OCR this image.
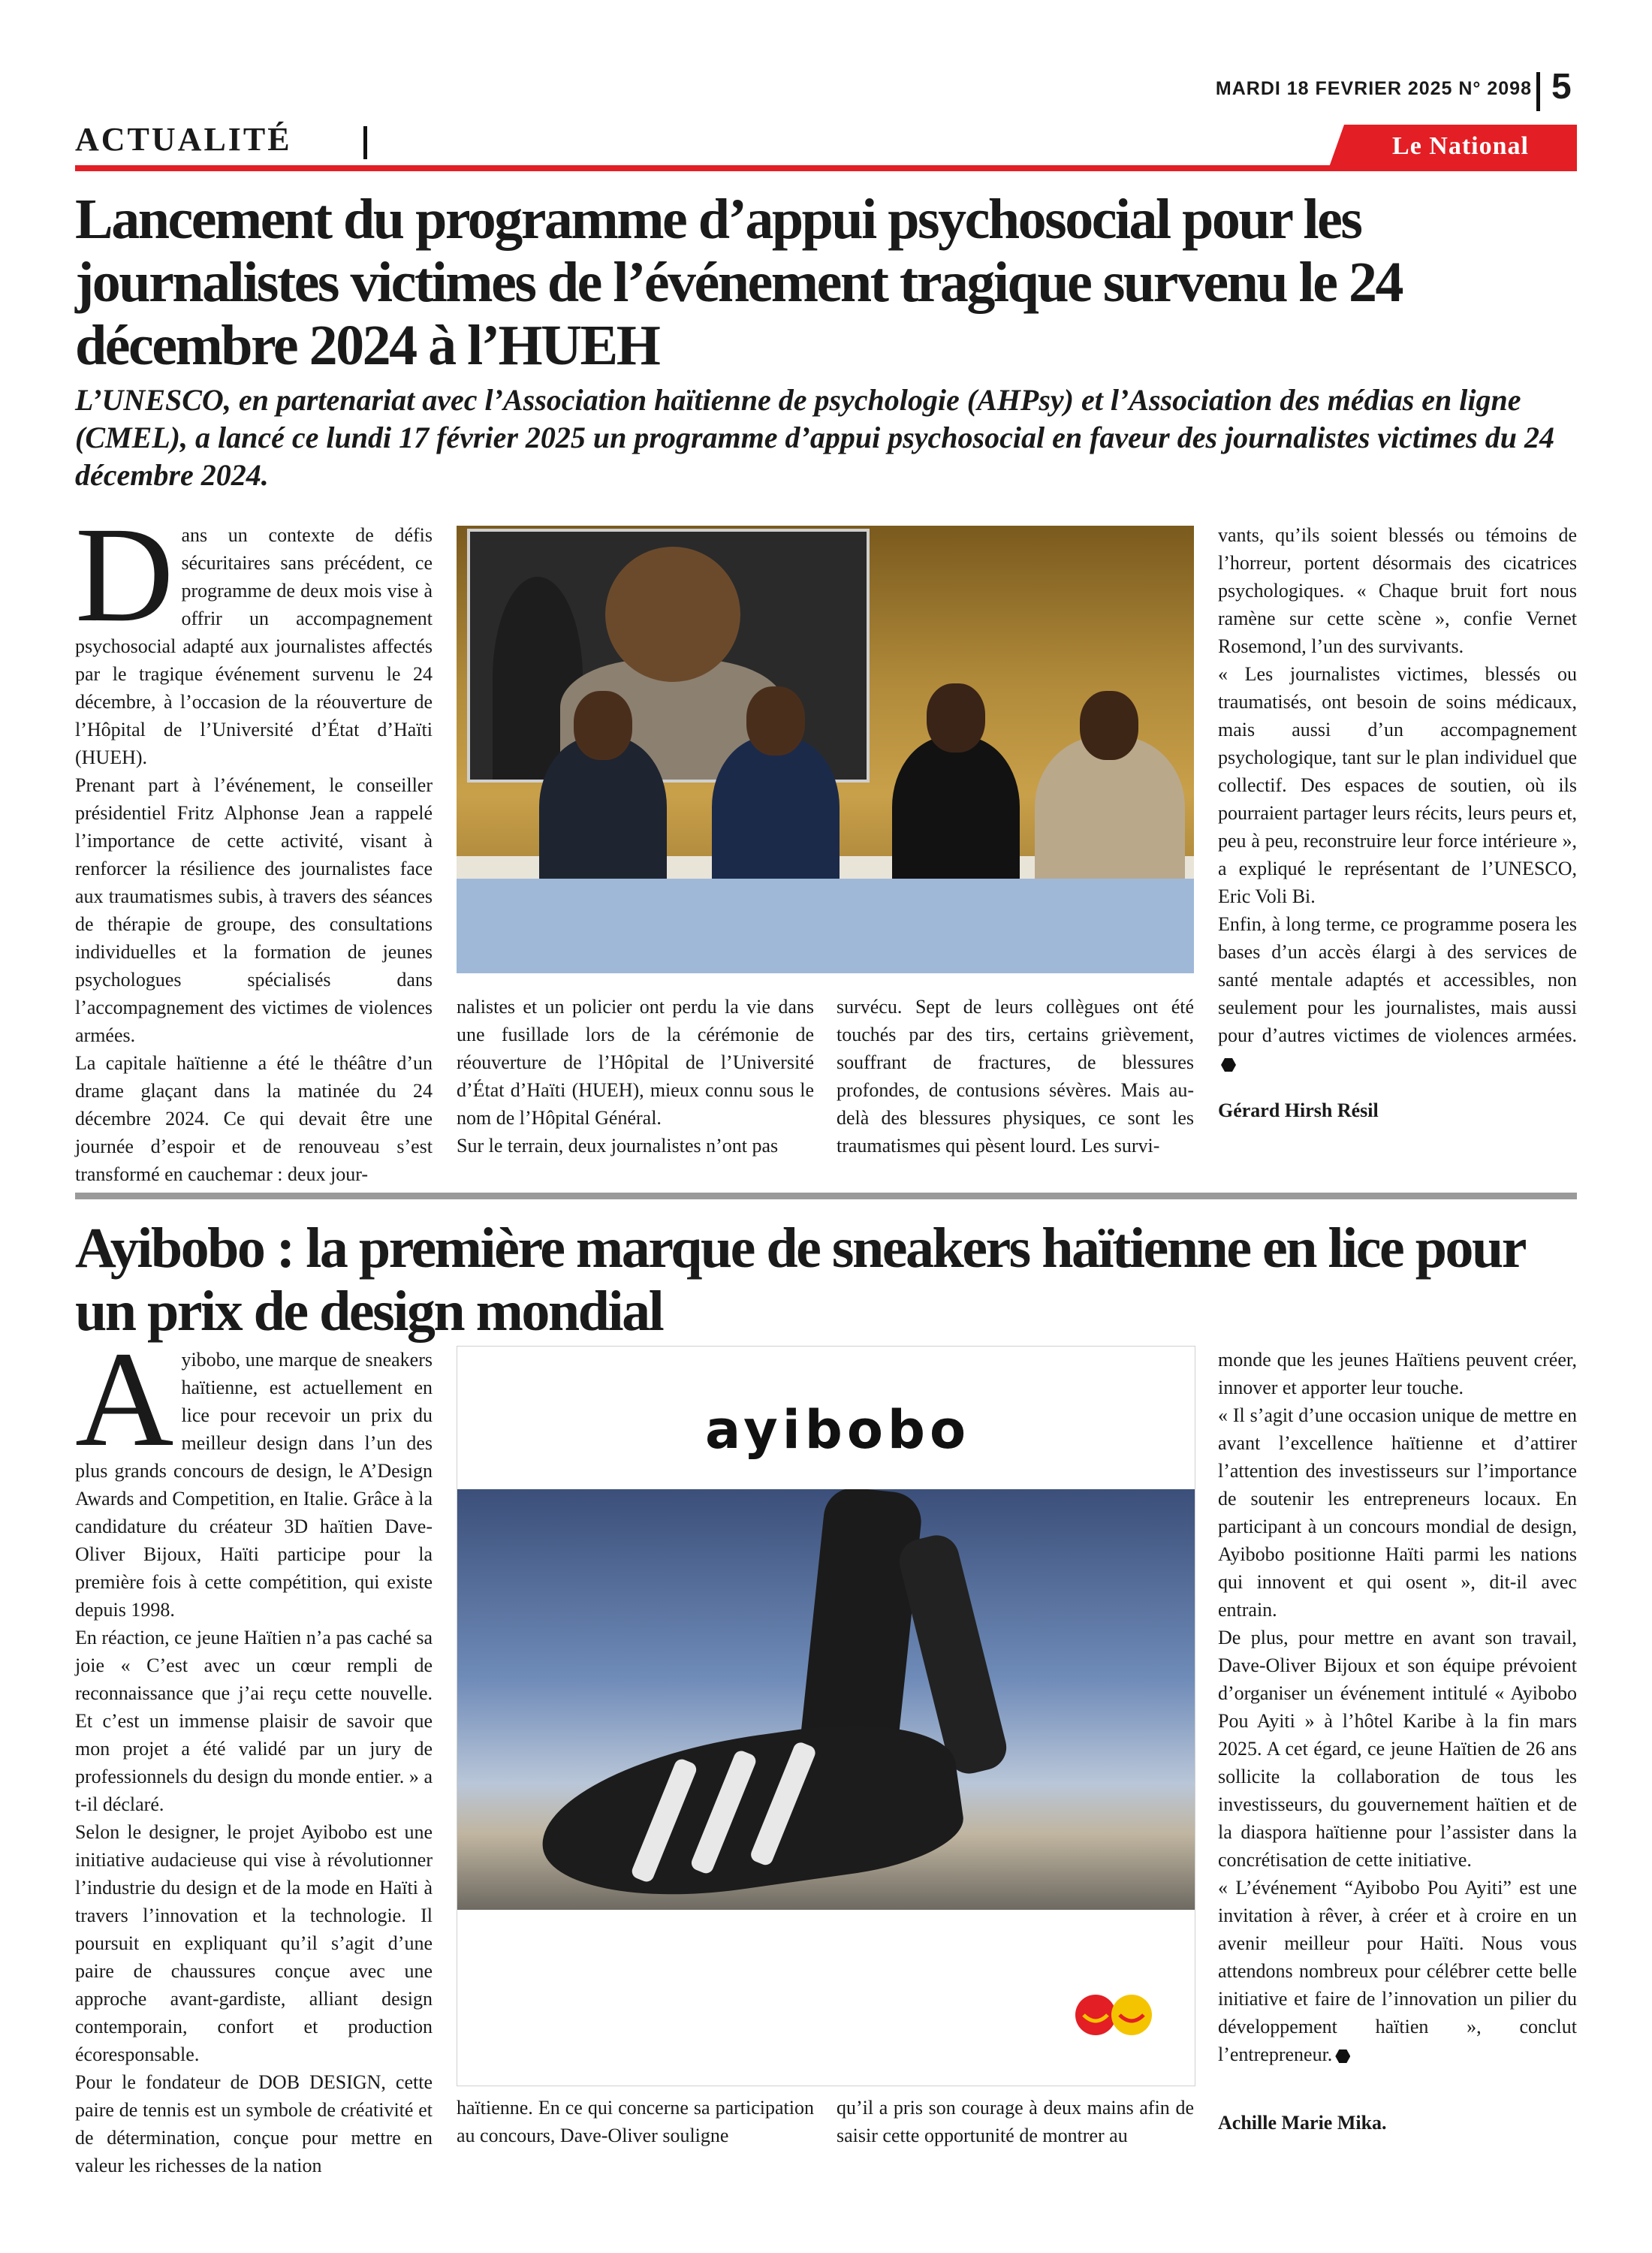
MARDI 18 FEVRIER 2025 N° 2098 5
ACTUALITÉ	Le National
Lancement du programme d’appui psychosocial pour les journalistes victimes de l’événement tragique survenu le 24 décembre 2024 à l’HUEH

L’UNESCO, en partenariat avec l’Association haïtienne de psychologie (AHPsy) et l’Association des médias en ligne (CMEL), a lancé ce lundi 17 février 2025 un programme d’appui psychosocial en faveur des journalistes victimes du 24 décembre 2024.

Dans un contexte de défis sécuritaires sans précédent, ce programme de deux mois vise à offrir un accompagnement psychosocial adapté aux journalistes affectés par le tragique événement survenu le 24 décembre, à l’occasion de la réouverture de l’Hôpital de l’Université d’État d’Haïti (HUEH).

Prenant part à l’événement, le conseiller présidentiel Fritz Alphonse Jean a rappelé l’importance de cette activité, visant à renforcer la résilience des journalistes face aux traumatismes subis, à travers des séances de thérapie de groupe, des consultations individuelles et la formation de jeunes psychologues spécialisés dans l’accompagnement des victimes de violences armées.

La capitale haïtienne a été le théâtre d’un drame glaçant dans la matinée du 24 décembre 2024. Ce qui devait être une journée d’espoir et de renouveau s’est transformé en cauchemar : deux jour-

nalistes et un policier ont perdu la vie dans une fusillade lors de la cérémonie de réouverture de l’Hôpital de l’Université d’État d’Haïti (HUEH), mieux connu sous le nom de l’Hôpital Général.

Sur le terrain, deux journalistes n’ont pas

survécu. Sept de leurs collègues ont été touchés par des tirs, certains grièvement, souffrant de fractures, de blessures profondes, de contusions sévères. Mais au-delà des blessures physiques, ce sont les traumatismes qui pèsent lourd. Les survi-

vants, qu’ils soient blessés ou témoins de l’horreur, portent désormais des cicatrices psychologiques. « Chaque bruit fort nous ramène sur cette scène », confie Vernet Rosemond, l’un des survivants.

« Les journalistes victimes, blessés ou traumatisés, ont besoin de soins médicaux, mais aussi d’un accompagnement psychologique, tant sur le plan individuel que collectif. Des espaces de soutien, où ils pourraient partager leurs récits, leurs peurs et, peu à peu, reconstruire leur force intérieure », a expliqué le représentant de l’UNESCO, Eric Voli Bi.

Enfin, à long terme, ce programme posera les bases d’un accès élargi à des services de santé mentale adaptés et accessibles, non seulement pour les journalistes, mais aussi pour d’autres victimes de violences armées.

Gérard Hirsh Résil
Ayibobo : la première marque de sneakers haïtienne en lice pour un prix de design mondial

Ayibobo, une marque de sneakers haïtienne, est actuellement en lice pour recevoir un prix du meilleur design dans l’un des plus grands concours de design, le A’Design Awards and Competition, en Italie. Grâce à la candidature du créateur 3D haïtien Dave-Oliver Bijoux, Haïti participe pour la première fois à cette compétition, qui existe depuis 1998.

En réaction, ce jeune Haïtien n’a pas caché sa joie « C’est avec un cœur rempli de reconnaissance que j’ai reçu cette nouvelle. Et c’est un immense plaisir de savoir que mon projet a été validé par un jury de professionnels du design du monde entier. » a t-il déclaré.

Selon le designer, le projet Ayibobo est une initiative audacieuse qui vise à révolutionner l’industrie du design et de la mode en Haïti à travers l’innovation et la technologie. Il poursuit en expliquant qu’il s’agit d’une paire de chaussures conçue avec une approche avant-gardiste, alliant design contemporain, confort et production écoresponsable.

Pour le fondateur de DOB DESIGN, cette paire de tennis est un symbole de créativité et de détermination, conçue pour mettre en valeur les richesses de la nation

ayibobo

haïtienne. En ce qui concerne sa participation au concours, Dave-Oliver souligne

qu’il a pris son courage à deux mains afin de saisir cette opportunité de montrer au

monde que les jeunes Haïtiens peuvent créer, innover et apporter leur touche.

« Il s’agit d’une occasion unique de mettre en avant l’excellence haïtienne et d’attirer l’attention des investisseurs sur l’importance de soutenir les entrepreneurs locaux. En participant à un concours mondial de design, Ayibobo positionne Haïti parmi les nations qui innovent et qui osent », dit-il avec entrain.

De plus, pour mettre en avant son travail, Dave-Oliver Bijoux et son équipe prévoient d’organiser un événement intitulé « Ayibobo Pou Ayiti » à l’hôtel Karibe à la fin mars 2025. A cet égard, ce jeune Haïtien de 26 ans sollicite la collaboration de tous les investisseurs, du gouvernement haïtien et de la diaspora haïtienne pour l’assister dans la concrétisation de cette initiative.

« L’événement “Ayibobo Pou Ayiti” est une invitation à rêver, à créer et à croire en un avenir meilleur pour Haïti. Nous vous attendons nombreux pour célébrer cette belle initiative et faire de l’innovation un pilier du développement haïtien », conclut l’entrepreneur.

Achille Marie Mika.
